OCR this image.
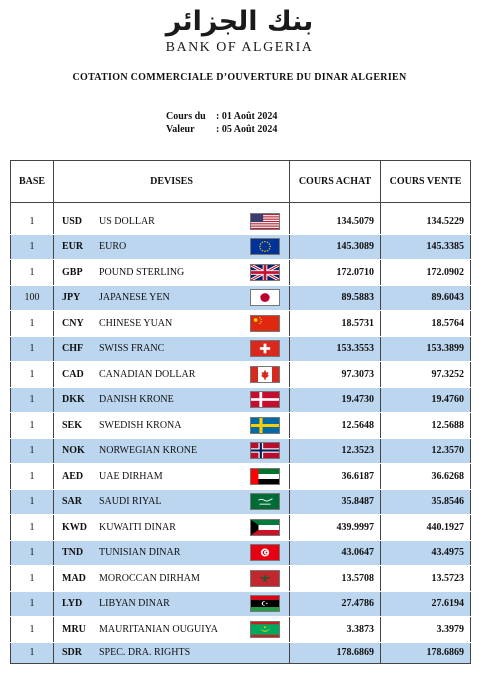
بنك الجزائر
BANK OF ALGERIA
COTATION COMMERCIALE D’OUVERTURE DU DINAR ALGERIEN
Cours du	: 01 Août 2024
Valeur	: 05 Août 2024
BASE	DEVISES	COURS ACHAT	COURS VENTE

1	USD US DOLLAR	134.5079	134.5229
1	EUR EURO	145.3089	145.3385
1	GBP POUND STERLING	172.0710	172.0902
100	JPY JAPANESE YEN	89.5883	89.6043
1	CNY CHINESE YUAN	18.5731	18.5764
1	CHF SWISS FRANC	153.3553	153.3899
1	CAD CANADIAN DOLLAR	97.3073	97.3252
1	DKK DANISH KRONE	19.4730	19.4760
1	SEK SWEDISH KRONA	12.5648	12.5688
1	NOK NORWEGIAN KRONE	12.3523	12.3570
1	AED UAE DIRHAM	36.6187	36.6268
1	SAR SAUDI RIYAL	35.8487	35.8546
1	KWD KUWAITI DINAR	439.9997	440.1927
1	TND TUNISIAN DINAR	43.0647	43.4975
1	MAD MOROCCAN DIRHAM	13.5708	13.5723
1	LYD LIBYAN DINAR	27.4786	27.6194
1	MRU MAURITANIAN OUGUIYA	3.3873	3.3979
1	SDR SPEC. DRA. RIGHTS	178.6869	178.6869
